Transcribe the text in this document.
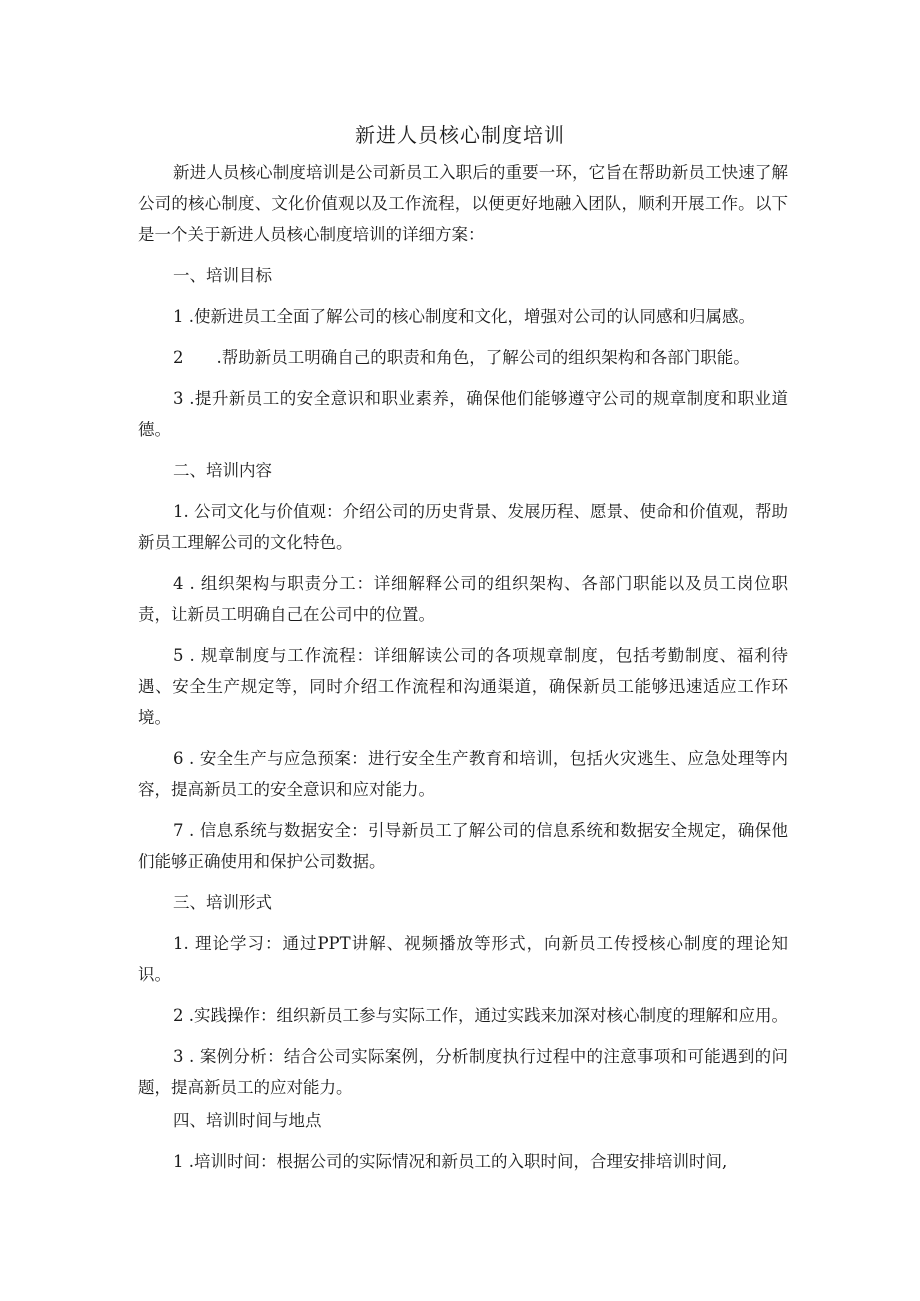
新进人员核心制度培训

新进人员核心制度培训是公司新员工入职后的重要一环，它旨在帮助新员工快速了解公司的核心制度、文化价值观以及工作流程，以便更好地融入团队，顺利开展工作。以下是一个关于新进人员核心制度培训的详细方案：

一、培训目标

1 .使新进员工全面了解公司的核心制度和文化，增强对公司的认同感和归属感。

2　　.帮助新员工明确自己的职责和角色，了解公司的组织架构和各部门职能。

3 .提升新员工的安全意识和职业素养，确保他们能够遵守公司的规章制度和职业道德。

二、培训内容

1. 公司文化与价值观：介绍公司的历史背景、发展历程、愿景、使命和价值观，帮助新员工理解公司的文化特色。

4 . 组织架构与职责分工：详细解释公司的组织架构、各部门职能以及员工岗位职责，让新员工明确自己在公司中的位置。

5 . 规章制度与工作流程：详细解读公司的各项规章制度，包括考勤制度、福利待遇、安全生产规定等，同时介绍工作流程和沟通渠道，确保新员工能够迅速适应工作环境。

6 . 安全生产与应急预案：进行安全生产教育和培训，包括火灾逃生、应急处理等内容，提高新员工的安全意识和应对能力。

7 . 信息系统与数据安全：引导新员工了解公司的信息系统和数据安全规定，确保他们能够正确使用和保护公司数据。

三、培训形式

1. 理论学习：通过PPT讲解、视频播放等形式，向新员工传授核心制度的理论知识。

2 .实践操作：组织新员工参与实际工作，通过实践来加深对核心制度的理解和应用。

3 . 案例分析：结合公司实际案例，分析制度执行过程中的注意事项和可能遇到的问题，提高新员工的应对能力。

四、培训时间与地点

1 .培训时间：根据公司的实际情况和新员工的入职时间，合理安排培训时间,
